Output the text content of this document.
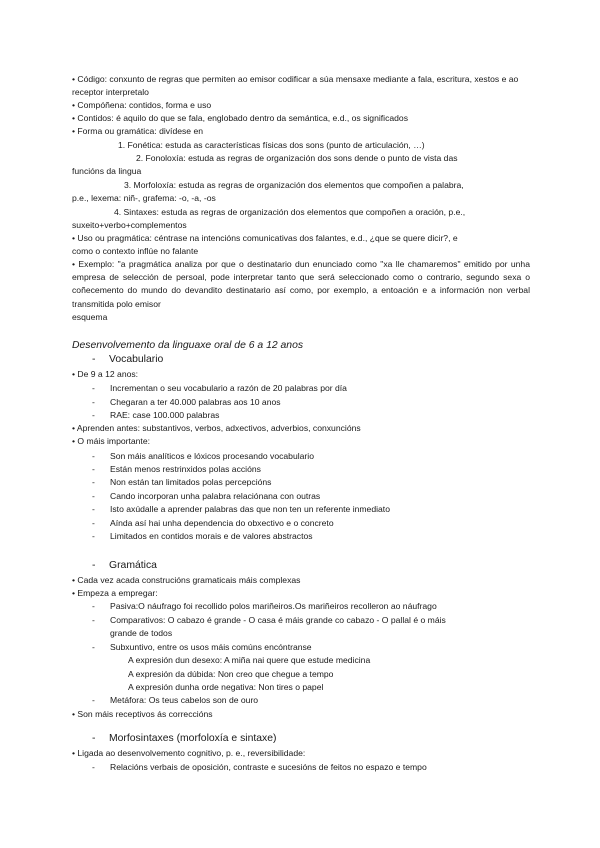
• Código: conxunto de regras que permiten ao emisor codificar a súa mensaxe mediante a fala, escritura, xestos e ao receptor interpretalo
• Compóñena: contidos, forma e uso
• Contidos: é aquilo do que se fala, englobado dentro da semántica, e.d., os significados
• Forma ou gramática: divídese en
1. Fonética: estuda as características físicas dos sons (punto de articulación, …)
2. Fonoloxía: estuda as regras de organización dos sons dende o punto de vista das
funcións da lingua
3. Morfoloxía: estuda as regras de organización dos elementos que compoñen a palabra,
p.e., lexema: niñ-, grafema: -o, -a, -os
4. Sintaxes: estuda as regras de organización dos elementos que compoñen a oración, p.e.,
suxeito+verbo+complementos
• Uso ou pragmática: céntrase na intencións comunicativas dos falantes, e.d., ¿que se quere dicir?, e
como o contexto inflúe no falante
• Exemplo: "a pragmática analiza por que o destinatario dun enunciado como "xa lle chamaremos" emitido por unha empresa de selección de persoal, pode interpretar tanto que será seleccionado como o contrario, segundo sexa o coñecemento do mundo do devandito destinatario así como, por exemplo, a entoación e a información non verbal transmitida polo emisor
esquema
Desenvolvemento da linguaxe oral de 6 a 12 anos
- Vocabulario
• De 9 a 12 anos:
-	Incrementan o seu vocabulario a razón de 20 palabras por día
-	Chegaran a ter 40.000 palabras aos 10 anos
-	RAE: case 100.000 palabras
• Aprenden antes: substantivos, verbos, adxectivos, adverbios, conxuncións
• O máis importante:
-	Son máis analíticos e lóxicos procesando vocabulario
-	Están menos restrinxidos polas accións
-	Non están tan limitados polas percepcións
-	Cando incorporan unha palabra relaciónana con outras
-	Isto axúdalle a aprender palabras das que non ten un referente inmediato
-	Aínda así hai unha dependencia do obxectivo e o concreto
-	Limitados en contidos morais e de valores abstractos
- Gramática
• Cada vez acada construcións gramaticais máis complexas
• Empeza a empregar:
-	Pasiva:O náufrago foi recollido polos mariñeiros.Os mariñeiros recolleron ao náufrago
-	Comparativos: O cabazo é grande - O casa é máis grande co cabazo - O pallal é o máis
grande de todos
-	Subxuntivo, entre os usos máis comúns encóntranse
A expresión dun desexo: A miña nai quere que estude medicina
A expresión da dúbida: Non creo que chegue a tempo
A expresión dunha orde negativa: Non tires o papel
-	Metáfora: Os teus cabelos son de ouro
• Son máis receptivos ás correccións
- Morfosintaxes (morfoloxía e sintaxe)
• Ligada ao desenvolvemento cognitivo, p. e., reversibilidade:
-	Relacións verbais de oposición, contraste e sucesións de feitos no espazo e tempo
